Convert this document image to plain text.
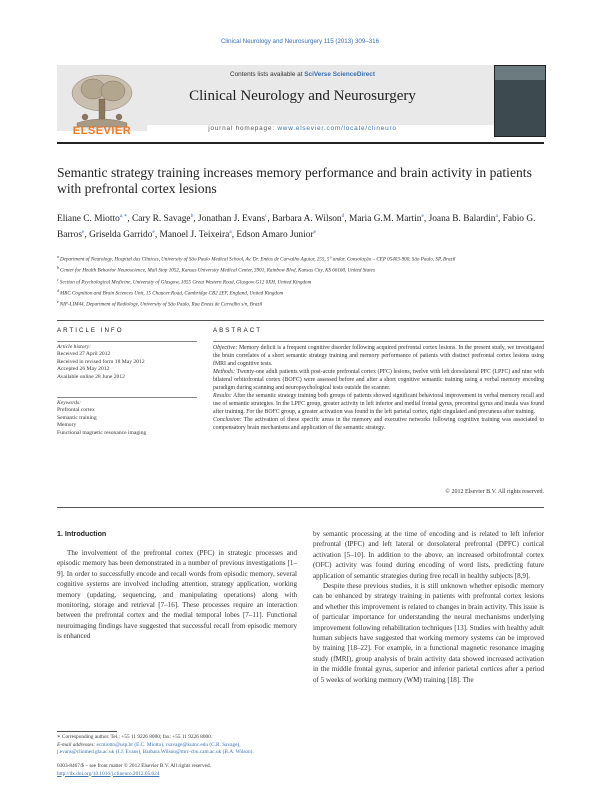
Clinical Neurology and Neurosurgery 115 (2013) 309–316
ELSEVIER
Contents lists available at SciVerse ScienceDirect
Clinical Neurology and Neurosurgery
journal homepage: www.elsevier.com/locate/clineuro
Semantic strategy training increases memory performance and brain activity in patients with prefrontal cortex lesions
Eliane C. Miotto$^{a,∗}$, Cary R. Savage$^b$, Jonathan J. Evans$^c$, Barbara A. Wilson$^d$, Maria G.M. Martin$^e$, Joana B. Balardin$^a$, Fabio G. Barros$^e$, Griselda Garrido$^e$, Manoel J. Teixeira$^a$, Edson Amaro Junior$^e$
$^a$ Department of Neurology, Hospital das Clínicas, University of São Paulo Medical School, Av. Dr. Enéas de Carvalho Aguiar, 255, 5° andar, Consolação – CEP 05403-900, São Paulo, SP, Brazil
$^b$ Center for Health Behavior Neuroscience, Mail Stop 1052, Kansas University Medical Center, 3901, Rainbow Blvd, Kansas City, KS 66160, United States
$^c$ Section of Psychological Medicine, University of Glasgow, 1055 Great Western Road, Glasgow G12 0XH, United Kingdom
$^d$ MRC Cognition and Brain Sciences Unit, 15 Chaucer Road, Cambridge CB2 2EF, England, United Kingdom
$^e$ NIF-LIM44, Department of Radiology, University of São Paulo, Rua Eneas de Carvalho s/n, Brazil
ARTICLE INFO	ABSTRACT
Article history:
Received 27 April 2012
Received in revised form 18 May 2012
Accepted 26 May 2012
Available online 28 June 2012
Keywords:
Prefrontal cortex
Semantic training
Memory
Functional magnetic resonance imaging

Objective: Memory deficit is a frequent cognitive disorder following acquired prefrontal cortex lesions. In the present study, we investigated the brain correlates of a short semantic strategy training and memory performance of patients with distinct prefrontal cortex lesions using fMRI and cognitive tests.

Methods: Twenty-one adult patients with post-acute prefrontal cortex (PFC) lesions, twelve with left dorsolateral PFC (LPFC) and nine with bilateral orbitofrontal cortex (BOFC) were assessed before and after a short cognitive semantic training using a verbal memory encoding paradigm during scanning and neuropsychological tests outside the scanner.

Results: After the semantic strategy training both groups of patients showed significant behavioral improvement in verbal memory recall and use of semantic strategies. In the LPFC group, greater activity in left inferior and medial frontal gyrus, precentral gyrus and insula was found after training. For the BOFC group, a greater activation was found in the left parietal cortex, right cingulated and precuneus after training.

Conclusion: The activation of these specific areas in the memory and executive networks following cognitive training was associated to compensatory brain mechanisms and application of the semantic strategy.

© 2012 Elsevier B.V. All rights reserved.
1. Introduction

The involvement of the prefrontal cortex (PFC) in strategic processes and episodic memory has been demonstrated in a number of previous investigations [1–9]. In order to successfully encode and recall words from episodic memory, several cognitive systems are involved including attention, strategy application, working memory (updating, sequencing, and manipulating operations) along with monitoring, storage and retrieval [7–16]. These processes require an interaction between the prefrontal cortex and the medial temporal lobes [7–11]. Functional neuroimaging findings have suggested that successful recall from episodic memory is enhanced

by semantic processing at the time of encoding and is related to left inferior prefrontal (IPFC) and left lateral or dorsolateral prefrontal (DPFC) cortical activation [5–10]. In addition to the above, an increased orbitofrontal cortex (OFC) activity was found during encoding of word lists, predicting future application of semantic strategies during free recall in healthy subjects [8,9].

Despite these previous studies, it is still unknown whether episodic memory can be enhanced by strategy training in patients with prefrontal cortex lesions and whether this improvement is related to changes in brain activity. This issue is of particular importance for understanding the neural mechanisms underlying improvement following rehabilitation techniques [13]. Studies with healthy adult human subjects have suggested that working memory systems can be improved by training [18–22]. For example, in a functional magnetic resonance imaging study (fMRI), group analysis of brain activity data showed increased activation in the middle frontal gyrus, superior and inferior parietal cortices after a period of 5 weeks of working memory (WM) training [18]. The

∗ Corresponding author. Tel.: +55 11 9226 8000; fax: +55 11 9226 8000.
E-mail addresses: ecmiotto@usp.br (E.C. Miotto), csavage@kumc.edu (C.R. Savage), j.evans@clinmed.gla.ac.uk (J.J. Evans), Barbara.Wilson@mrc-cbu.cam.ac.uk (B.A. Wilson).
0303-8467/$ – see front matter © 2012 Elsevier B.V. All rights reserved.
http://dx.doi.org/10.1016/j.clineuro.2012.05.024
